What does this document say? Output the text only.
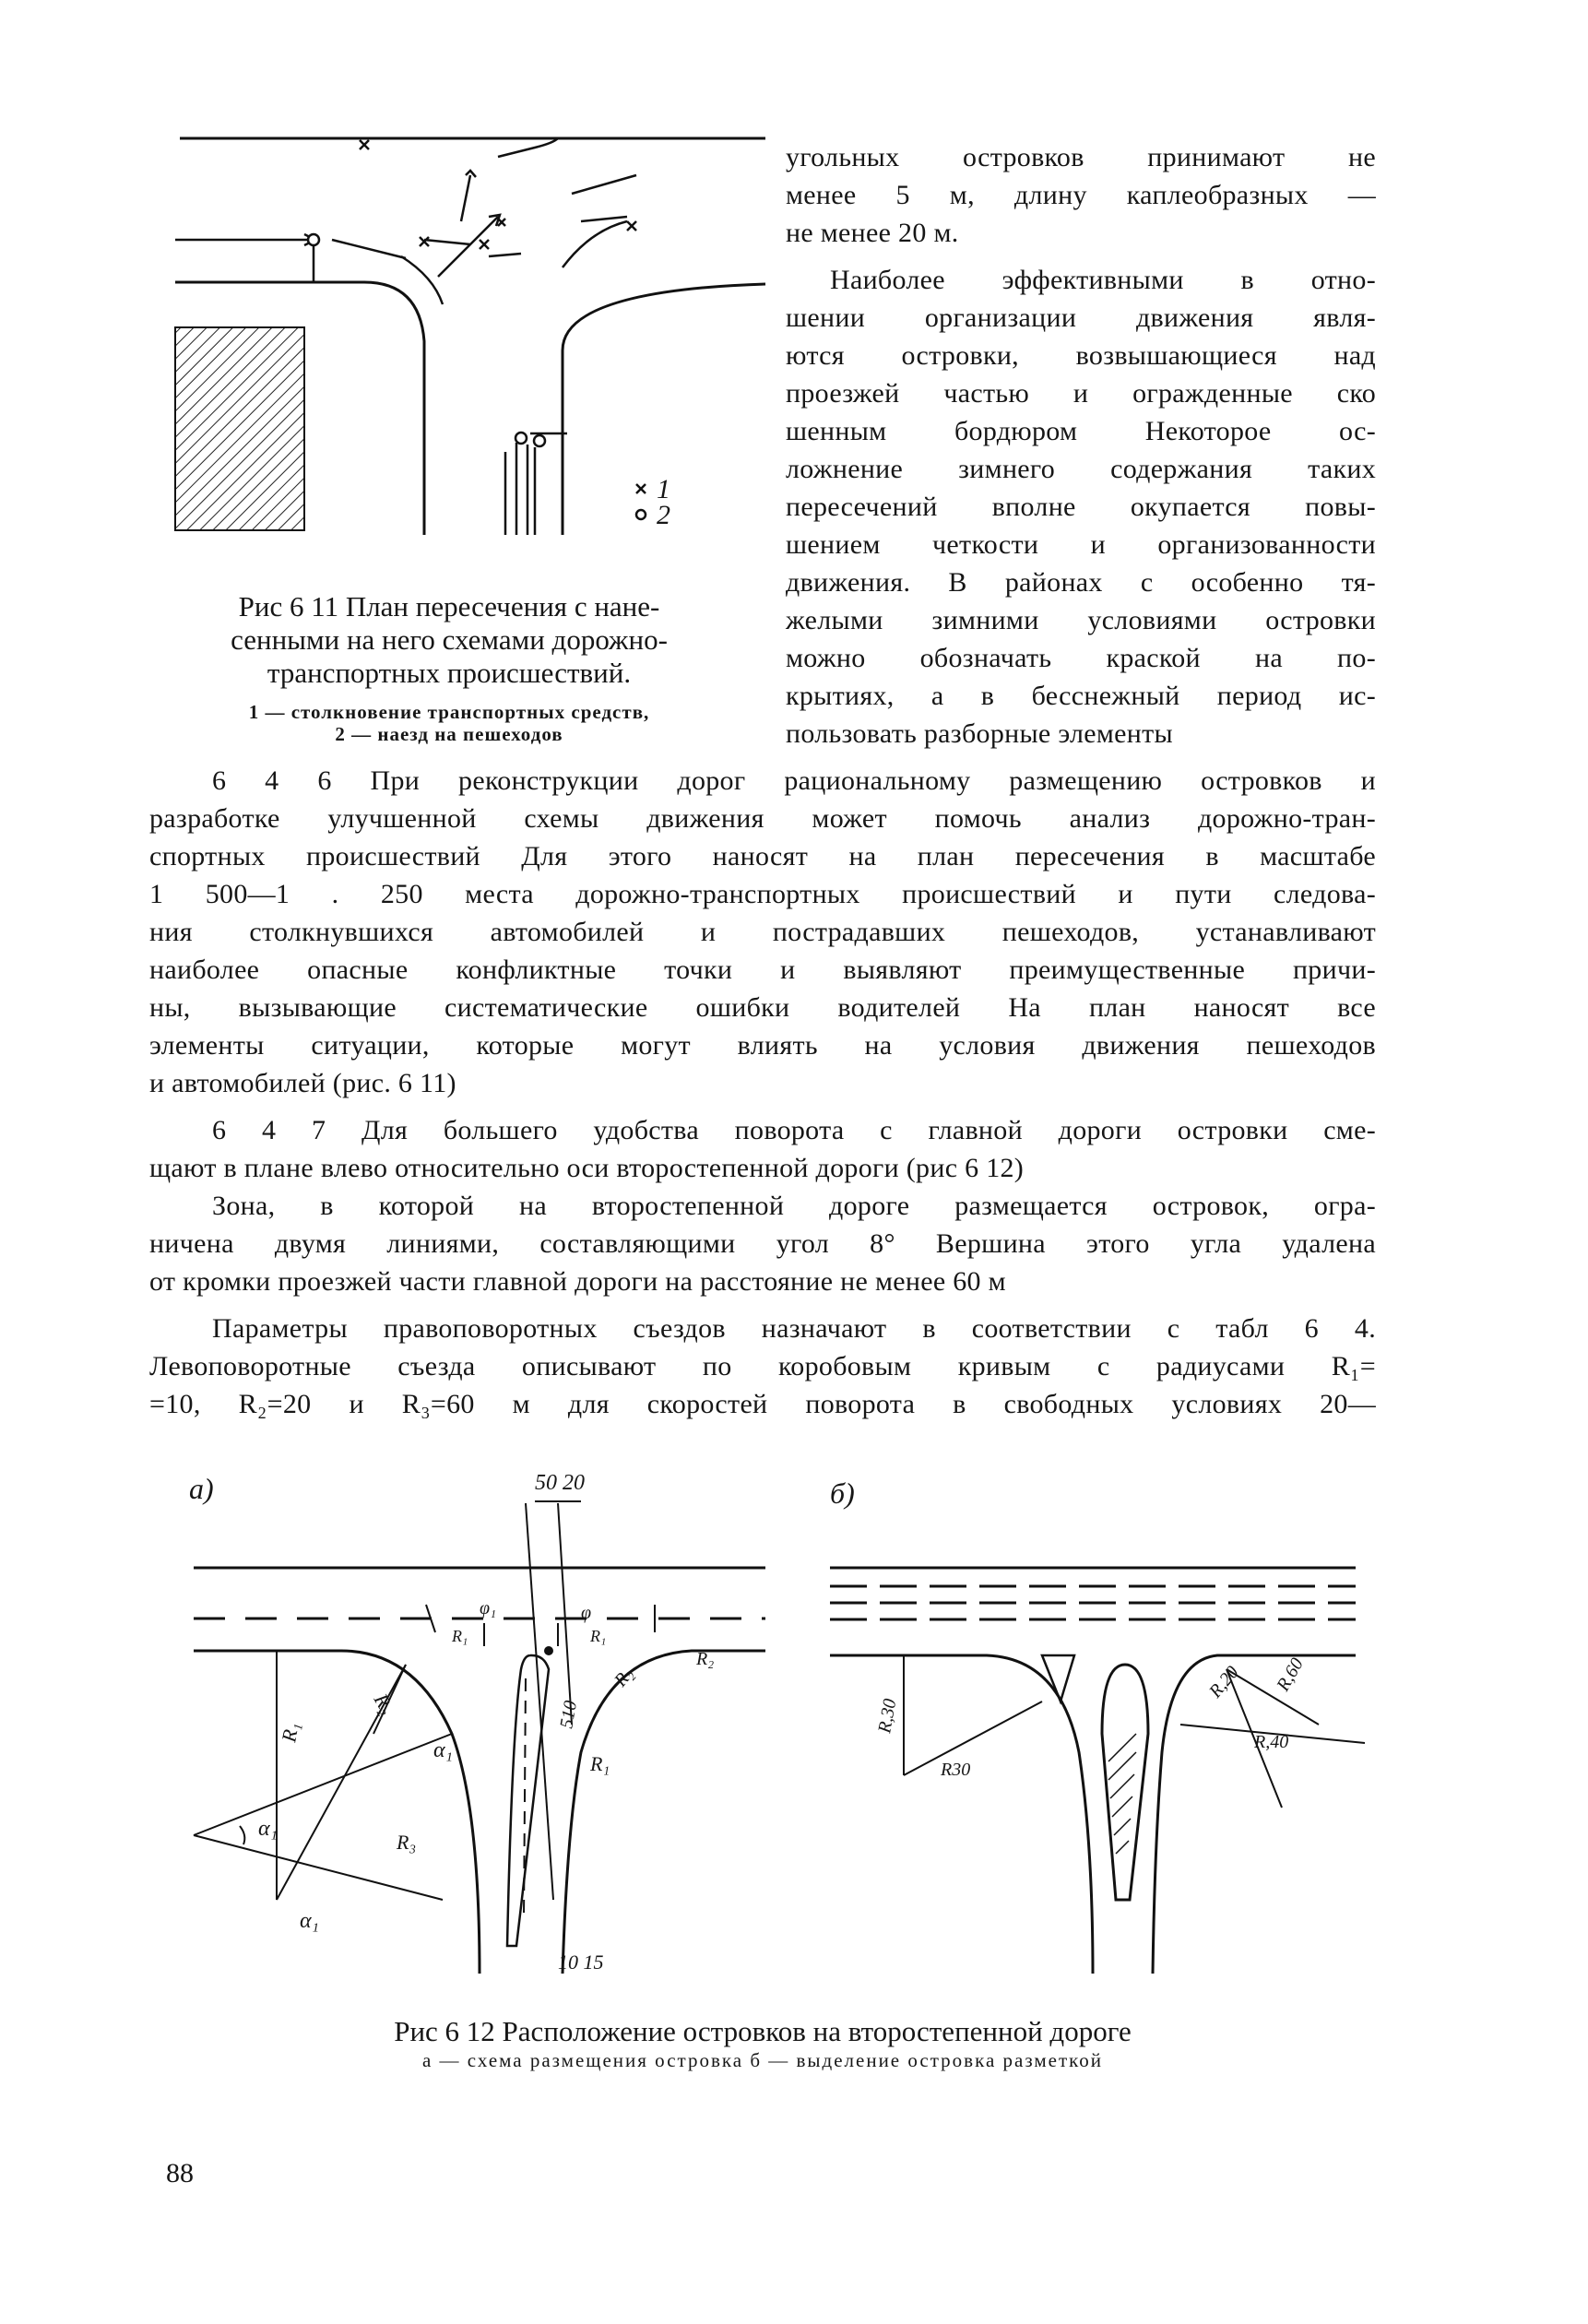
1
2
Рис 6 11 План пересечения с нане-
сенными на него схемами дорожно-
транспортных происшествий.
1 — столкновение транспортных средств,
2 — наезд на пешеходов
угольных островков принимают не
менее 5 м, длину каплеобразных —
не менее 20 м.
Наиболее эффективными в отно-
шении организации движения явля-
ются островки, возвышающиеся над
проезжей частью и огражденные ско
шенным бордюром Некоторое ос-
ложнение зимнего содержания таких
пересечений вполне окупается повы-
шением четкости и организованности
движения. В районах с особенно тя-
желыми зимними условиями островки
можно обозначать краской на по-
крытиях, а в бесснежный период ис-
пользовать разборные элементы
6 4 6 При реконструкции дорог рациональному размещению островков и
разработке улучшенной схемы движения может помочь анализ дорожно-тран-
спортных происшествий Для этого наносят на план пересечения в масштабе
1 500—1 . 250 места дорожно-транспортных происшествий и пути следова-
ния столкнувшихся автомобилей и пострадавших пешеходов, устанавливают
наиболее опасные конфликтные точки и выявляют преимущественные причи-
ны, вызывающие систематические ошибки водителей На план наносят все
элементы ситуации, которые могут влиять на условия движения пешеходов
и автомобилей (рис. 6 11)
6 4 7 Для большего удобства поворота с главной дороги островки сме-
щают в плане влево относительно оси второстепенной дороги (рис 6 12)
Зона, в которой на второстепенной дороге размещается островок, огра-
ничена двумя линиями, составляющими угол 8° Вершина этого угла удалена
от кромки проезжей части главной дороги на расстояние не менее 60 м
Параметры правоповоротных съездов назначают в соответствии с табл 6 4.
Левоповоротные съезда описывают по коробовым кривым с радиусами R₁=
=10, R₂=20 и R₃=60 м для скоростей поворота в свободных условиях 20—
а)	50 20
R₁
R₂
R₃
α₁
α₁
α₁
φ₁	φ
R₁	R₁
R₂
R₂
R₁
510
10 15
б)
R,30
R30
R,20
R,40
R,60
Рис 6 12 Расположение островков на второстепенной дороге
а — схема размещения островка б — выделение островка разметкой
88
